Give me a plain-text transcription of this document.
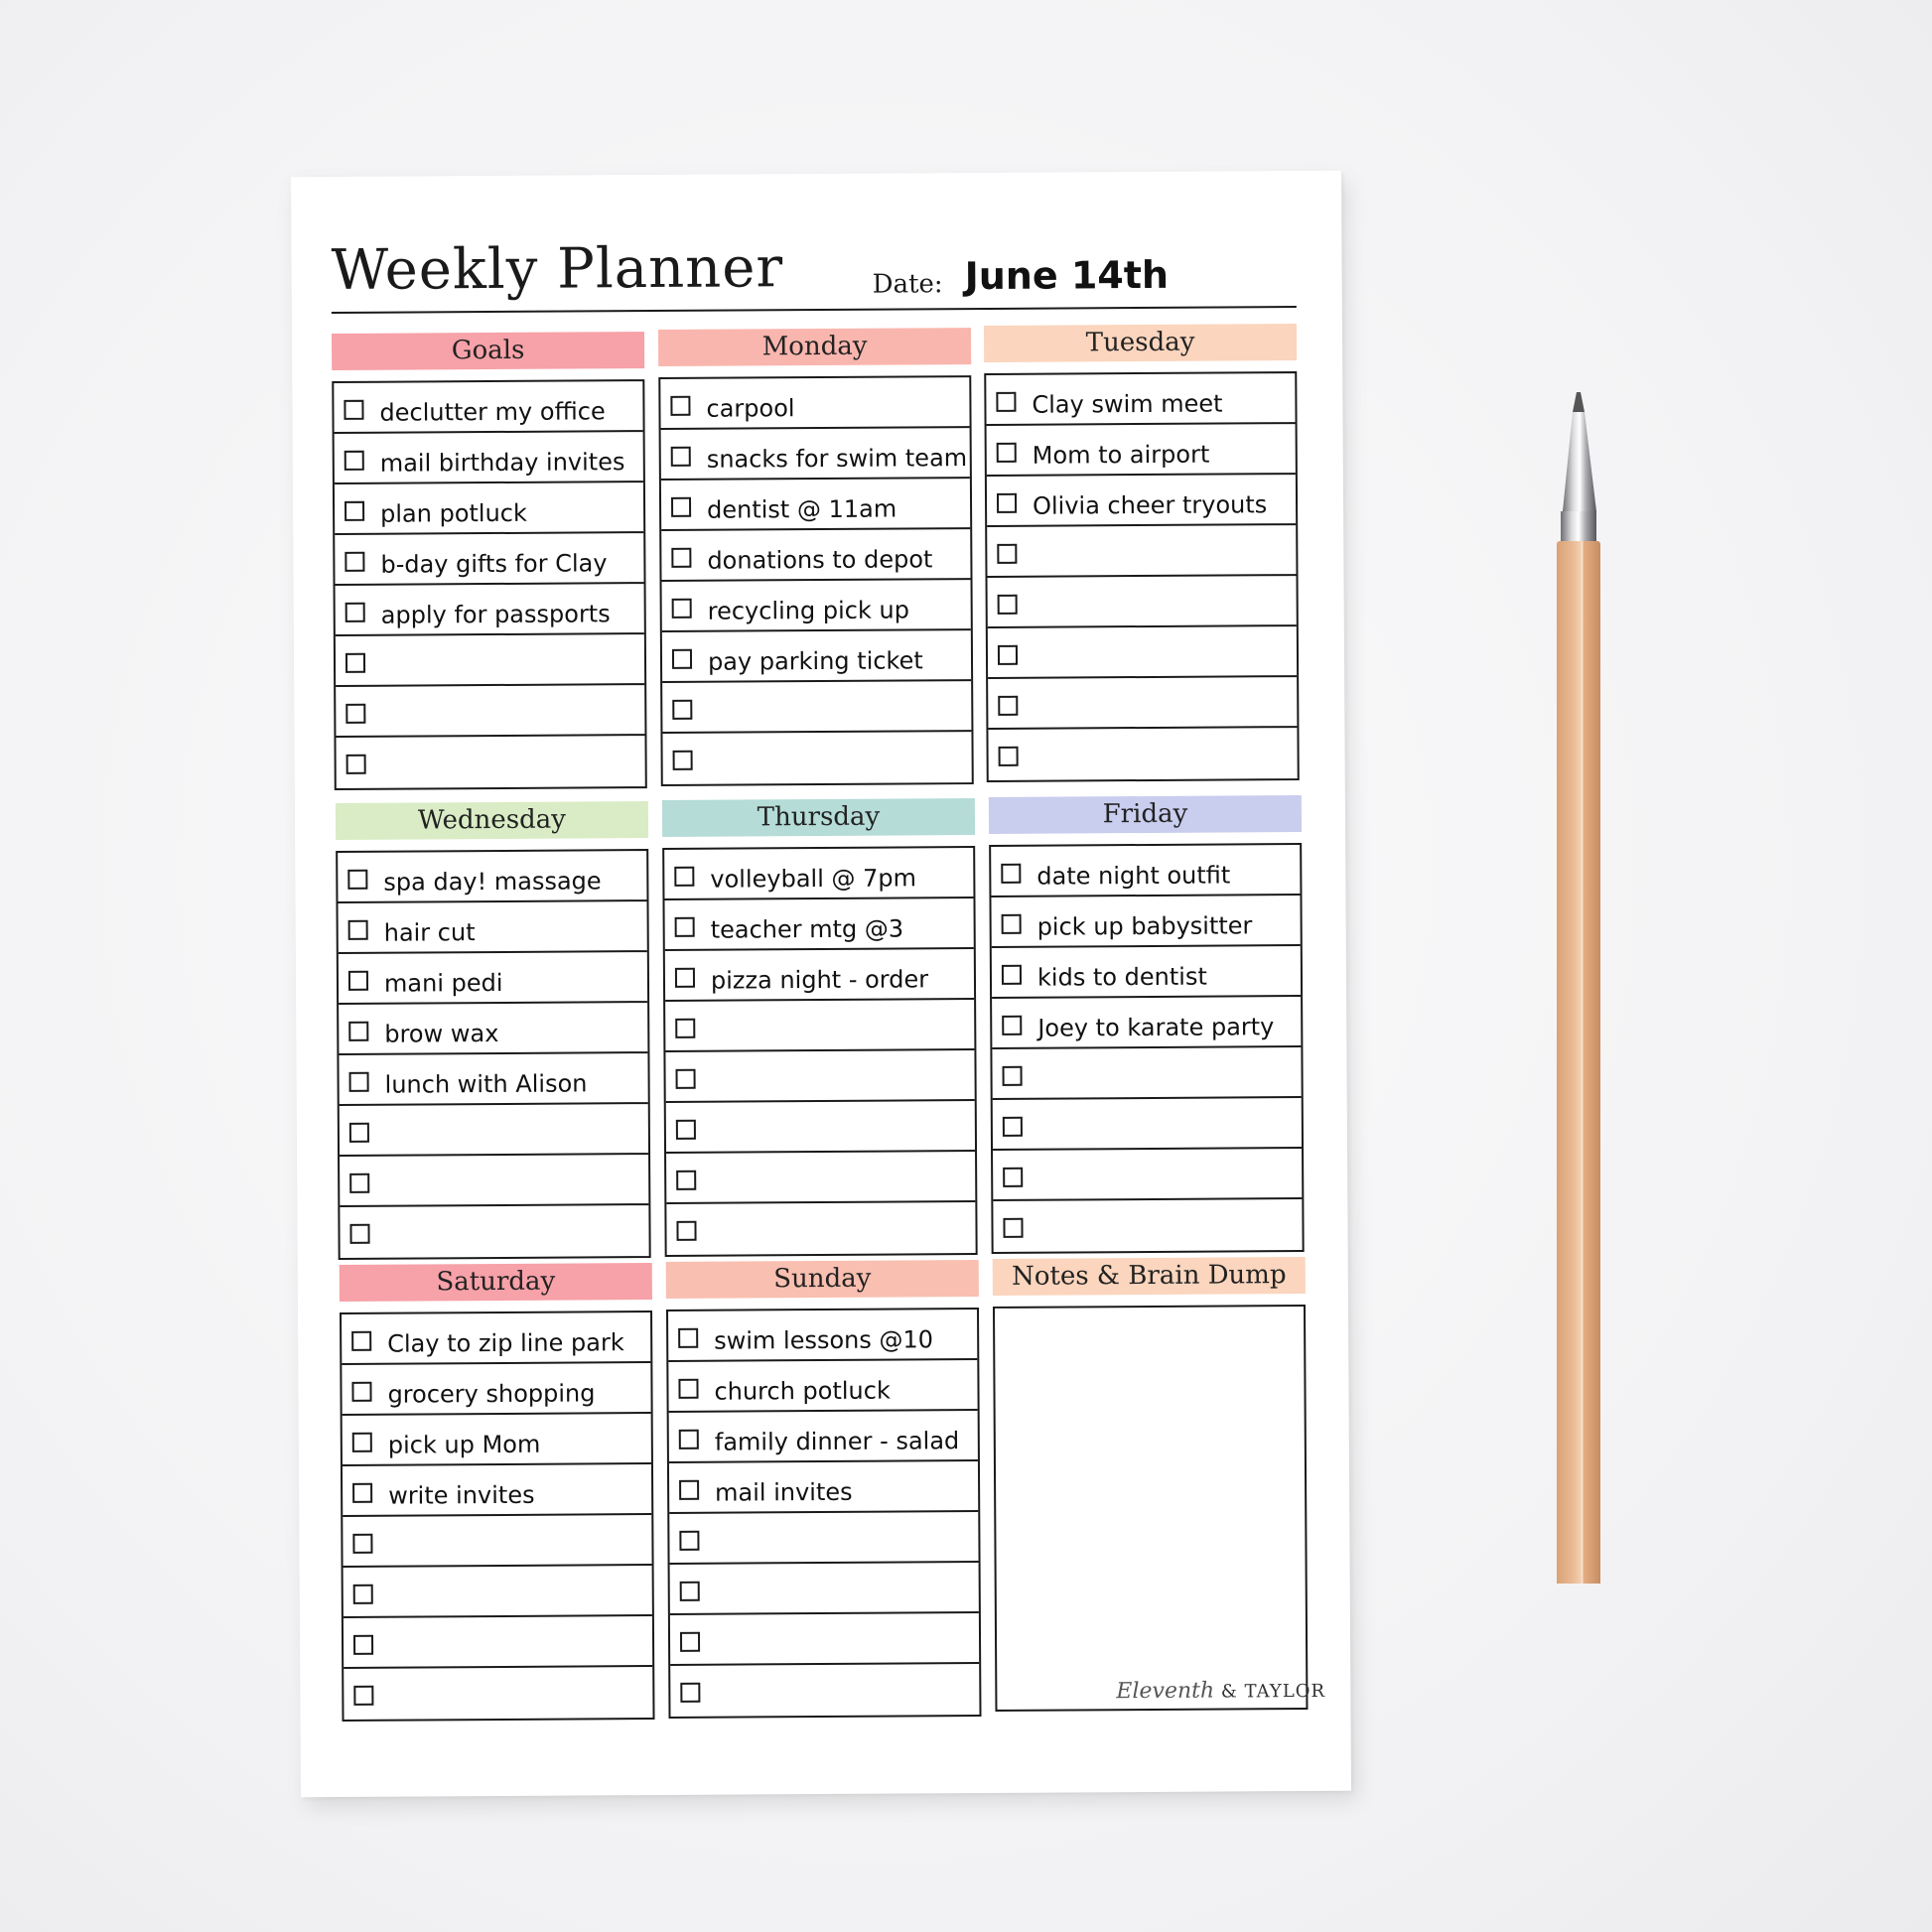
Weekly Planner	Date: June 14th
Goals
declutter my office
mail birthday invites
plan potluck
b-day gifts for Clay
apply for passports
Monday
carpool
snacks for swim team
dentist @ 11am
donations to depot
recycling pick up
pay parking ticket
Tuesday
Clay swim meet
Mom to airport
Olivia cheer tryouts
Wednesday
spa day! massage
hair cut
mani pedi
brow wax
lunch with Alison
Thursday
volleyball @ 7pm
teacher mtg @3
pizza night - order
Friday
date night outfit
pick up babysitter
kids to dentist
Joey to karate party
Saturday
Clay to zip line park
grocery shopping
pick up Mom
write invites
Sunday
swim lessons @10
church potluck
family dinner - salad
mail invites
Notes & Brain Dump
Eleventh & TAYLOR
